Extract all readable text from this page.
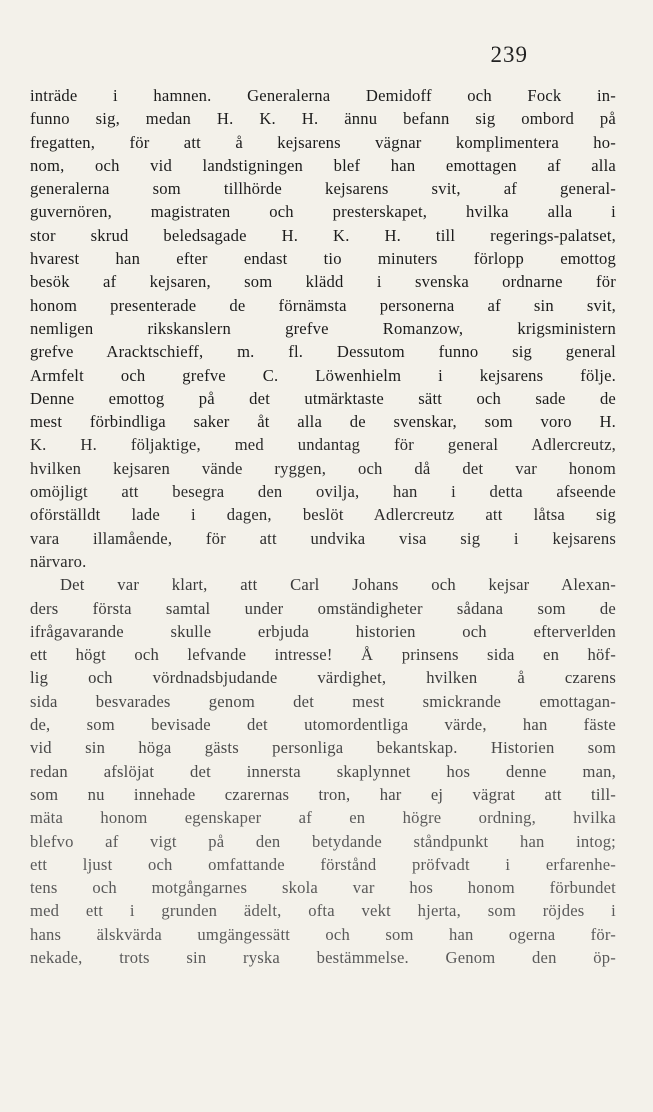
239
inträde i hamnen. Generalerna Demidoff och Fock in-
funno sig, medan H. K. H. ännu befann sig ombord på
fregatten, för att å kejsarens vägnar komplimentera ho-
nom, och vid landstigningen blef han emottagen af alla
generalerna som tillhörde kejsarens svit, af general-
guvernören, magistraten och presterskapet, hvilka alla i
stor skrud beledsagade H. K. H. till regerings-palatset,
hvarest han efter endast tio minuters förlopp emottog
besök af kejsaren, som klädd i svenska ordnarne för
honom presenterade de förnämsta personerna af sin svit,
nemligen rikskanslern grefve Romanzow, krigsministern
grefve Aracktschieff, m. fl. Dessutom funno sig general
Armfelt och grefve C. Löwenhielm i kejsarens följe.
Denne emottog på det utmärktaste sätt och sade de
mest förbindliga saker åt alla de svenskar, som voro H.
K. H. följaktige, med undantag för general Adlercreutz,
hvilken kejsaren vände ryggen, och då det var honom
omöjligt att besegra den ovilja, han i detta afseende
oförställdt lade i dagen, beslöt Adlercreutz att låtsa sig
vara illamående, för att undvika visa sig i kejsarens
närvaro.
Det var klart, att Carl Johans och kejsar Alexan-
ders första samtal under omständigheter sådana som de
ifrågavarande skulle erbjuda historien och efterverlden
ett högt och lefvande intresse! Å prinsens sida en höf-
lig och vördnadsbjudande värdighet, hvilken å czarens
sida besvarades genom det mest smickrande emottagan-
de, som bevisade det utomordentliga värde, han fäste
vid sin höga gästs personliga bekantskap. Historien som
redan afslöjat det innersta skaplynnet hos denne man,
som nu innehade czarernas tron, har ej vägrat att till-
mäta honom egenskaper af en högre ordning, hvilka
blefvo af vigt på den betydande ståndpunkt han intog;
ett ljust och omfattande förstånd pröfvadt i erfarenhe-
tens och motgångarnes skola var hos honom förbundet
med ett i grunden ädelt, ofta vekt hjerta, som röjdes i
hans älskvärda umgängessätt och som han ogerna för-
nekade, trots sin ryska bestämmelse. Genom den öp-
